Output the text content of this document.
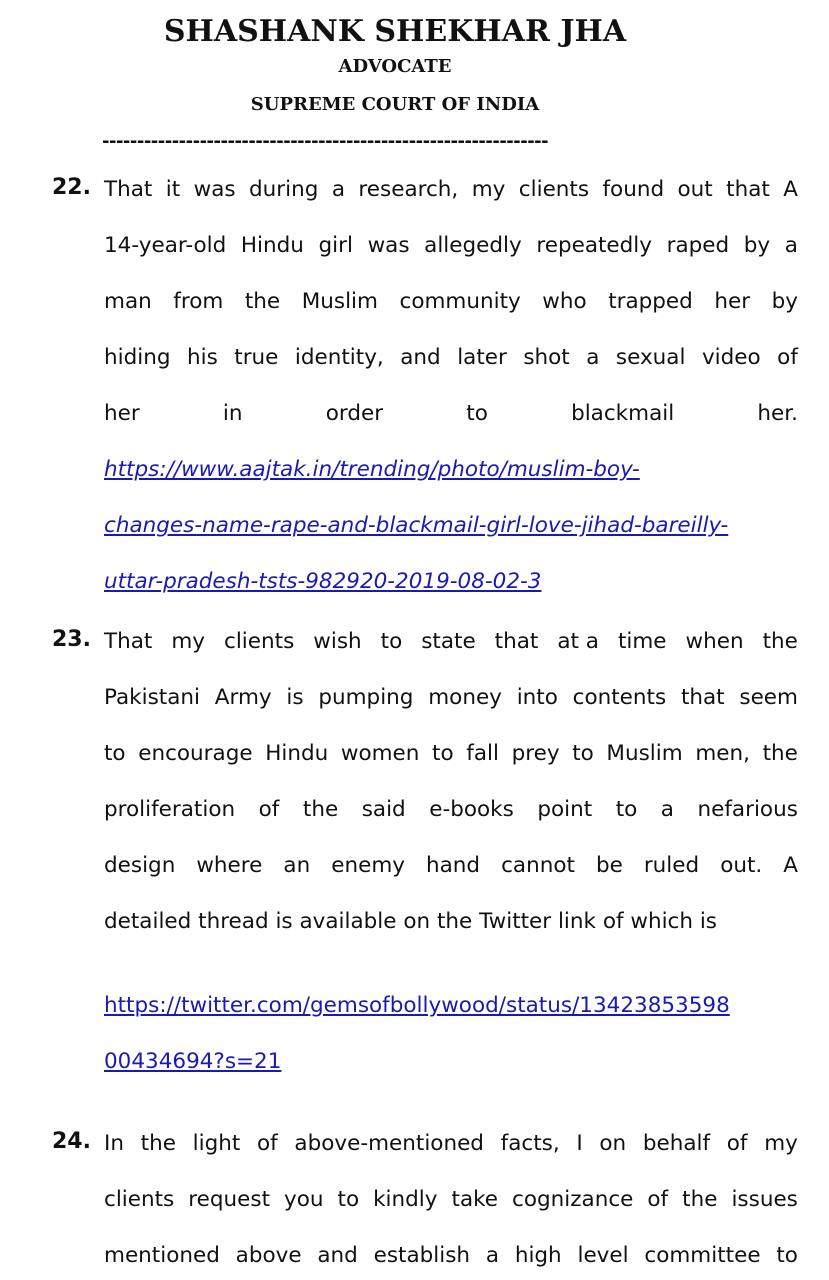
SHASHANK SHEKHAR JHA
ADVOCATE
SUPREME COURT OF INDIA
----------------------------------------------------------------
22. That it was during a research, my clients found out that A
14-year-old Hindu girl was allegedly repeatedly raped by a
man from the Muslim community who trapped her by
hiding his true identity, and later shot a sexual video of
her	in	order	to	blackmail	her.
https://www.aajtak.in/trending/photo/muslim-boy-
changes-name-rape-and-blackmail-girl-love-jihad-bareilly-
uttar-pradesh-tsts-982920-2019-08-02-3
23. That my clients wish to state that at a time when the
Pakistani Army is pumping money into contents that seem
to encourage Hindu women to fall prey to Muslim men, the
proliferation of the said e-books point to a nefarious
design where an enemy hand cannot be ruled out. A
detailed thread is available on the Twitter link of which is
https://twitter.com/gemsofbollywood/status/13423853598
00434694?s=21
24. In the light of above-mentioned facts, I on behalf of my
clients request you to kindly take cognizance of the issues
mentioned above and establish a high level committee to
